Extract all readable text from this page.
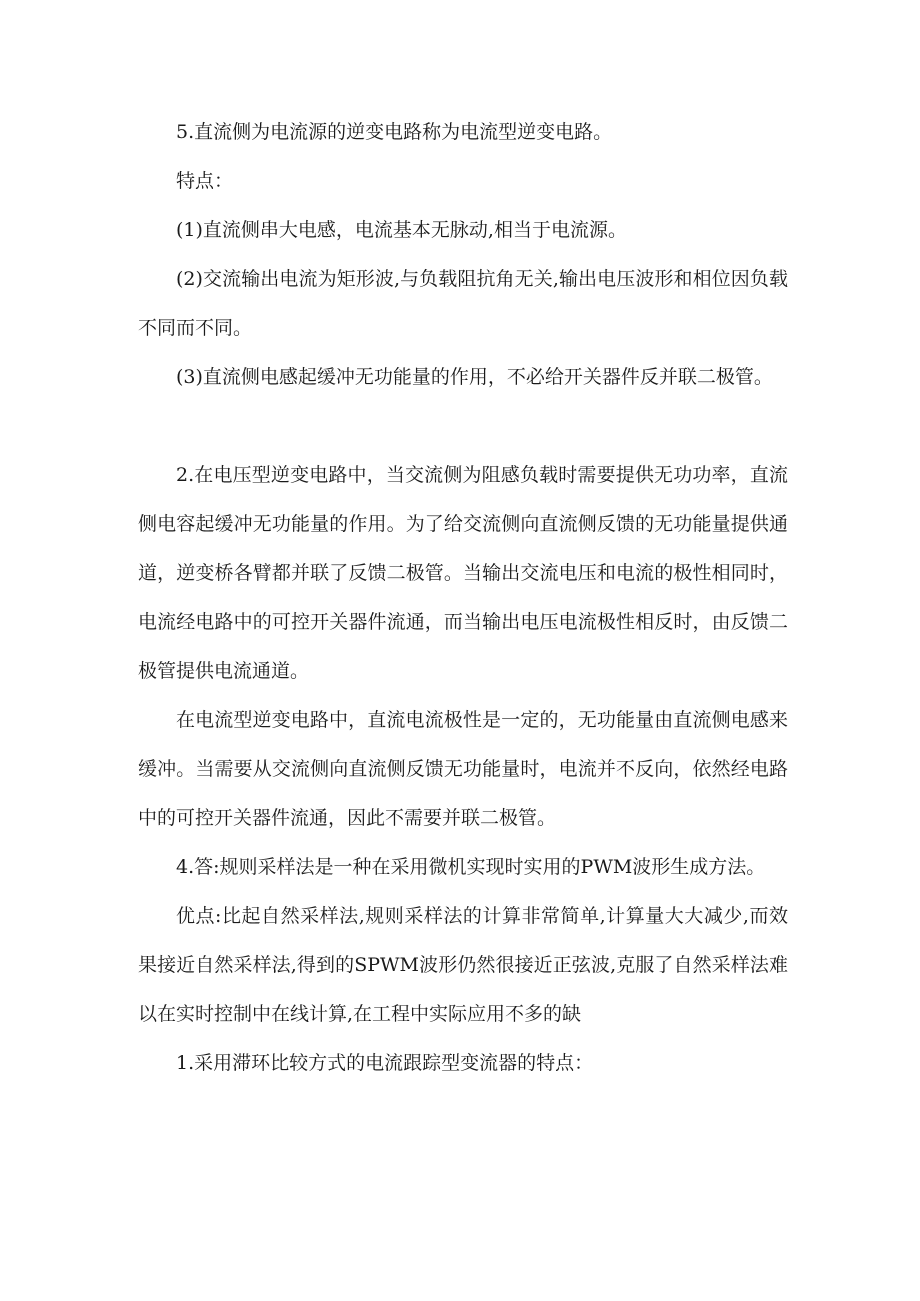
5.直流侧为电流源的逆变电路称为电流型逆变电路。

特点：

(1)直流侧串大电感，电流基本无脉动,相当于电流源。

(2)交流输出电流为矩形波,与负载阻抗角无关,输出电压波形和相位因负载不同而不同。

(3)直流侧电感起缓冲无功能量的作用，不必给开关器件反并联二极管。

2.在电压型逆变电路中，当交流侧为阻感负载时需要提供无功功率，直流侧电容起缓冲无功能量的作用。为了给交流侧向直流侧反馈的无功能量提供通道，逆变桥各臂都并联了反馈二极管。当输出交流电压和电流的极性相同时，电流经电路中的可控开关器件流通，而当输出电压电流极性相反时，由反馈二极管提供电流通道。

在电流型逆变电路中，直流电流极性是一定的，无功能量由直流侧电感来缓冲。当需要从交流侧向直流侧反馈无功能量时，电流并不反向，依然经电路中的可控开关器件流通，因此不需要并联二极管。

4.答:规则采样法是一种在采用微机实现时实用的PWM波形生成方法。

优点:比起自然采样法,规则采样法的计算非常简单,计算量大大减少,而效果接近自然采样法,得到的SPWM波形仍然很接近正弦波,克服了自然采样法难以在实时控制中在线计算,在工程中实际应用不多的缺

1.采用滞环比较方式的电流跟踪型变流器的特点：
